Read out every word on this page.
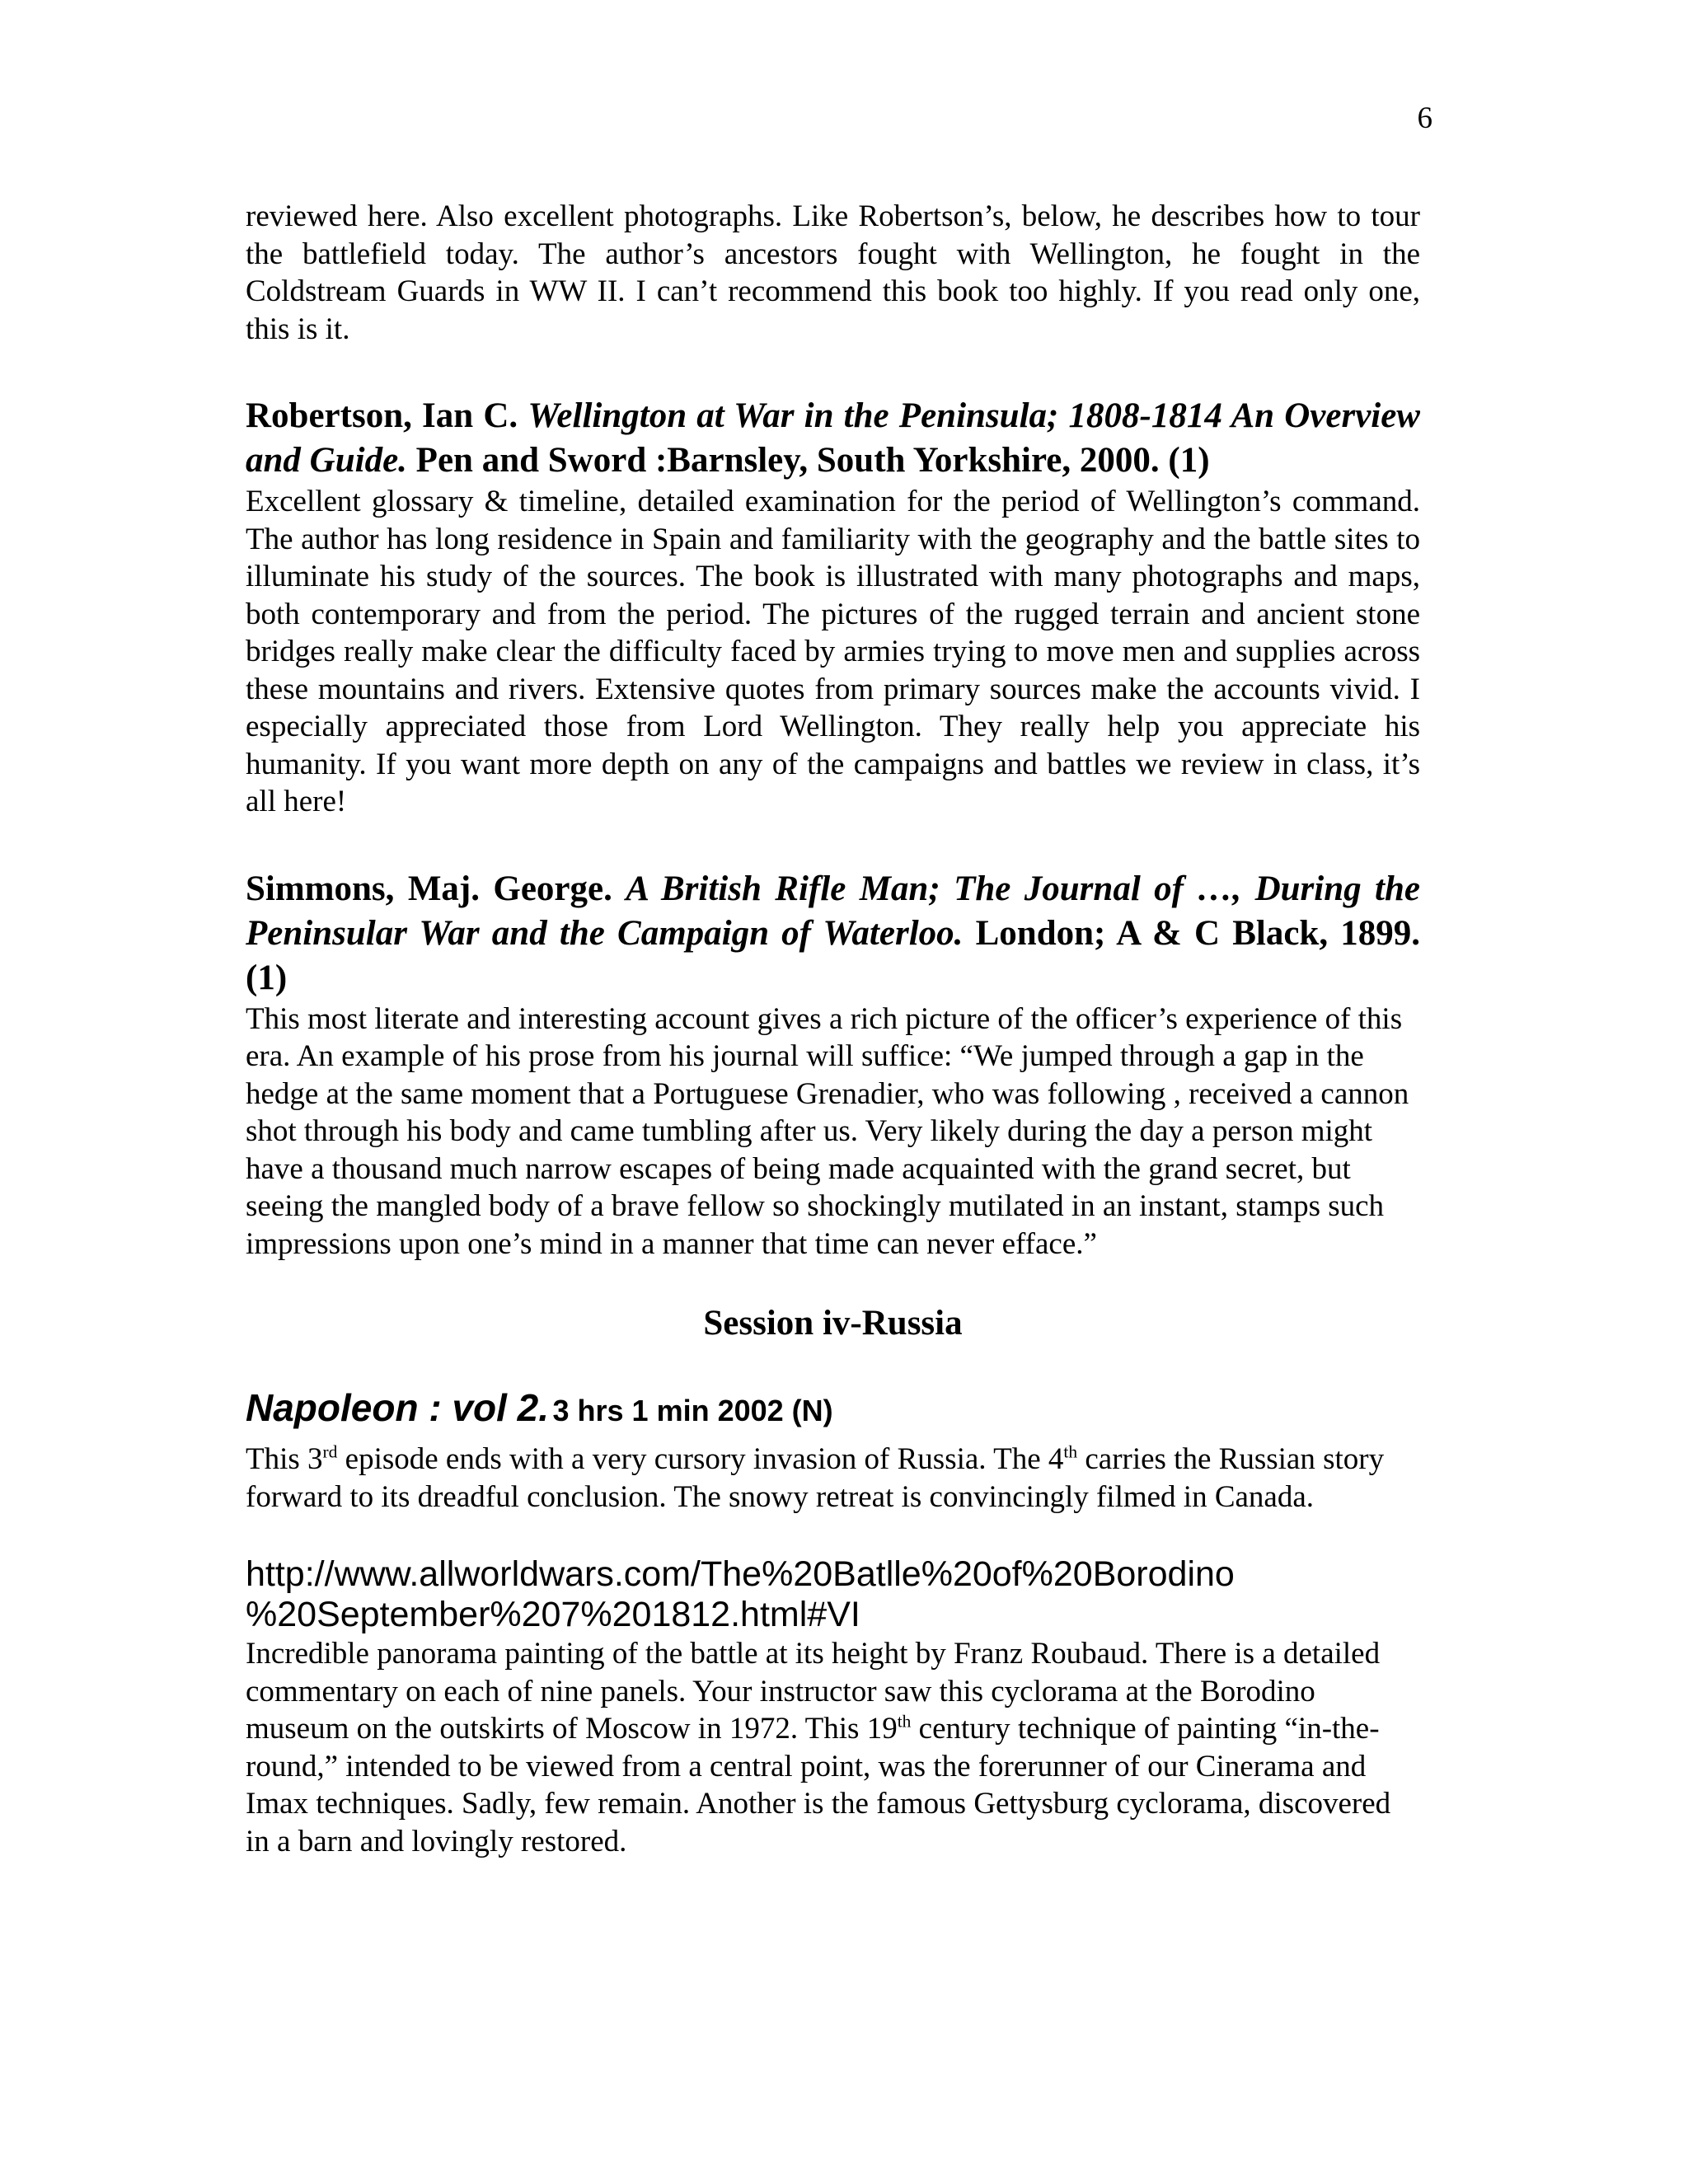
6

reviewed here. Also excellent photographs. Like Robertson’s, below, he describes how to tour the battlefield today. The author’s ancestors fought with Wellington, he fought in the Coldstream Guards in WW II. I can’t recommend this book too highly. If you read only one, this is it.

Robertson, Ian C. Wellington at War in the Peninsula; 1808-1814 An Overview and Guide. Pen and Sword :Barnsley, South Yorkshire, 2000. (1)

Excellent glossary & timeline, detailed examination for the period of Wellington’s command. The author has long residence in Spain and familiarity with the geography and the battle sites to illuminate his study of the sources. The book is illustrated with many photographs and maps, both contemporary and from the period. The pictures of the rugged terrain and ancient stone bridges really make clear the difficulty faced by armies trying to move men and supplies across these mountains and rivers. Extensive quotes from primary sources make the accounts vivid. I especially appreciated those from Lord Wellington. They really help you appreciate his humanity. If you want more depth on any of the campaigns and battles we review in class, it’s all here!

Simmons, Maj. George. A British Rifle Man; The Journal of …, During the Peninsular War and the Campaign of Waterloo. London; A & C Black, 1899. (1)

This most literate and interesting account gives a rich picture of the officer’s experience of this era. An example of his prose from his journal will suffice: “We jumped through a gap in the hedge at the same moment that a Portuguese Grenadier, who was following , received a cannon shot through his body and came tumbling after us. Very likely during the day a person might have a thousand much narrow escapes of being made acquainted with the grand secret, but seeing the mangled body of a brave fellow so shockingly mutilated in an instant, stamps such impressions upon one’s mind in a manner that time can never efface.”

Session iv-Russia

Napoleon : vol 2. 3 hrs 1 min 2002 (N)

This 3rd episode ends with a very cursory invasion of Russia. The 4th carries the Russian story forward to its dreadful conclusion. The snowy retreat is convincingly filmed in Canada.

http://www.allworldwars.com/The%20Batlle%20of%20Borodino
%20September%207%201812.html#VI

Incredible panorama painting of the battle at its height by Franz Roubaud. There is a detailed commentary on each of nine panels. Your instructor saw this cyclorama at the Borodino museum on the outskirts of Moscow in 1972. This 19th century technique of painting “in-the-round,” intended to be viewed from a central point, was the forerunner of our Cinerama and Imax techniques. Sadly, few remain. Another is the famous Gettysburg cyclorama, discovered in a barn and lovingly restored.
